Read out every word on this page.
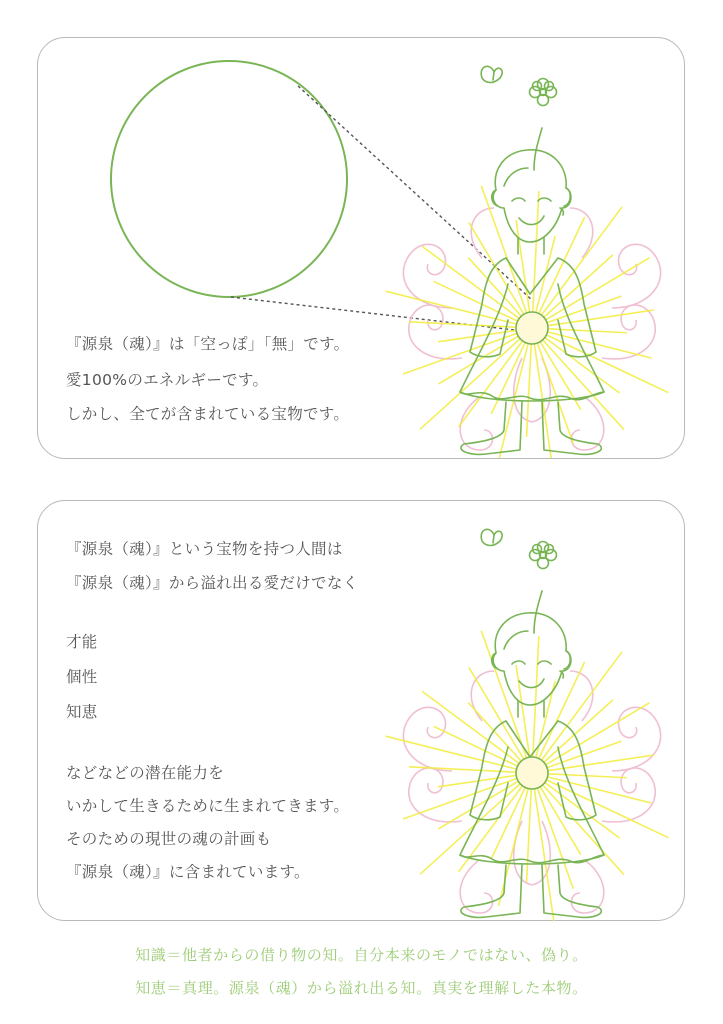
『源泉（魂）』は「空っぽ」「無」です。
愛100%のエネルギーです。
しかし、全てが含まれている宝物です。
『源泉（魂）』という宝物を持つ人間は
『源泉（魂）』から溢れ出る愛だけでなく
才能
個性
知恵
などなどの潜在能力を
いかして生きるために生まれてきます。
そのための現世の魂の計画も
『源泉（魂）』に含まれています。
知識＝他者からの借り物の知。自分本来のモノではない、偽り。
知恵＝真理。源泉（魂）から溢れ出る知。真実を理解した本物。
